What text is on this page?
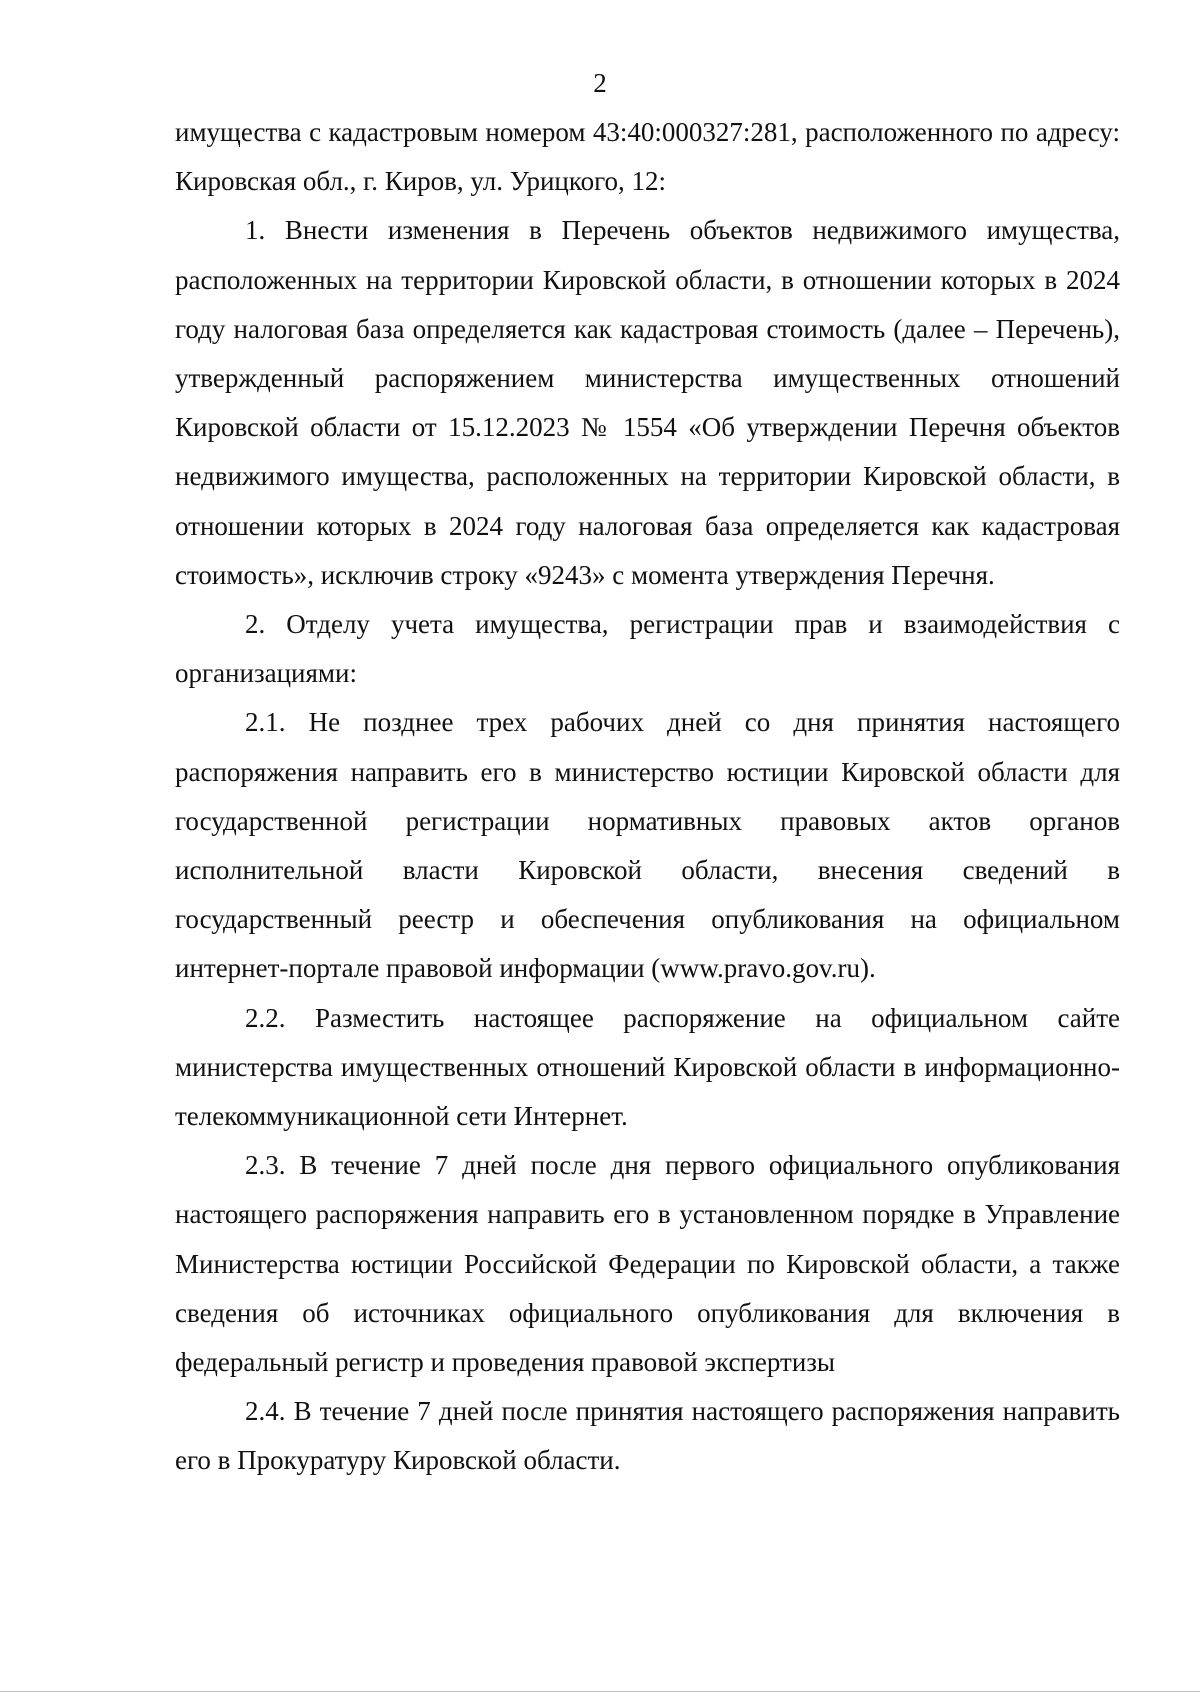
2

имущества с кадастровым номером 43:40:000327:281, расположенного по адресу: Кировская обл., г. Киров, ул. Урицкого, 12:

1. Внести изменения в Перечень объектов недвижимого имущества, расположенных на территории Кировской области, в отношении которых в 2024 году налоговая база определяется как кадастровая стоимость (далее – Перечень), утвержденный распоряжением министерства имущественных отношений Кировской области от 15.12.2023 № 1554 «Об утверждении Перечня объектов недвижимого имущества, расположенных на территории Кировской области, в отношении которых в 2024 году налоговая база определяется как кадастровая стоимость», исключив строку «9243» с момента утверждения Перечня.

2. Отделу учета имущества, регистрации прав и взаимодействия с организациями:

2.1. Не позднее трех рабочих дней со дня принятия настоящего распоряжения направить его в министерство юстиции Кировской области для государственной регистрации нормативных правовых актов органов исполнительной власти Кировской области, внесения сведений в государственный реестр и обеспечения опубликования на официальном интернет-портале правовой информации (www.pravo.gov.ru).

2.2. Разместить настоящее распоряжение на официальном сайте министерства имущественных отношений Кировской области в информационно-телекоммуникационной сети Интернет.

2.3. В течение 7 дней после дня первого официального опубликования настоящего распоряжения направить его в установленном порядке в Управление Министерства юстиции Российской Федерации по Кировской области, а также сведения об источниках официального опубликования для включения в федеральный регистр и проведения правовой экспертизы

2.4. В течение 7 дней после принятия настоящего распоряжения направить его в Прокуратуру Кировской области.
